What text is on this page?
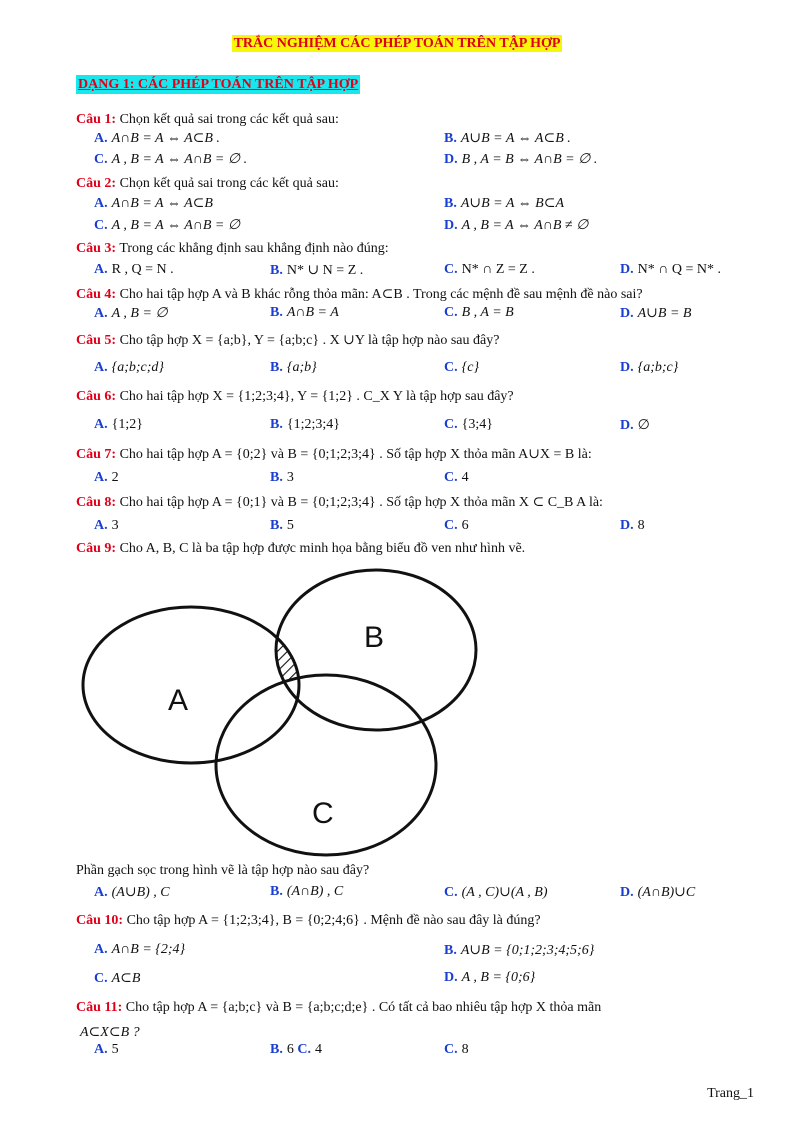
TRẮC NGHIỆM CÁC PHÉP TOÁN TRÊN TẬP HỢP
DẠNG 1: CÁC PHÉP TOÁN TRÊN TẬP HỢP
Câu 1: Chọn kết quả sai trong các kết quả sau:
A. A∩B = A ⇔ A⊂B .	B. A∪B = A ⇔ A⊂B .
C. A , B = A ⇔ A∩B = ∅ .	D. B , A = B ⇔ A∩B = ∅ .
Câu 2: Chọn kết quả sai trong các kết quả sau:
A. A∩B = A ⇔ A⊂B	B. A∪B = A ⇔ B⊂A
C. A , B = A ⇔ A∩B = ∅	D. A , B = A ⇔ A∩B ≠ ∅
Câu 3: Trong các khẳng định sau khẳng định nào đúng:
A. R , Q = N .	B. N* ∪ N = Z .	C. N* ∩ Z = Z .	D. N* ∩ Q = N* .
Câu 4: Cho hai tập hợp A và B khác rỗng thỏa mãn: A⊂B . Trong các mệnh đề sau mệnh đề nào sai?
A. A , B = ∅	B. A∩B = A	C. B , A = B	D. A∪B = B
Câu 5: Cho tập hợp X = {a;b}, Y = {a;b;c} . X ∪Y là tập hợp nào sau đây?
A. {a;b;c;d}	B. {a;b}	C. {c}	D. {a;b;c}
Câu 6: Cho hai tập hợp X = {1;2;3;4}, Y = {1;2} . C_X Y là tập hợp sau đây?
A. {1;2}	B. {1;2;3;4}	C. {3;4}	D. ∅
Câu 7: Cho hai tập hợp A = {0;2} và B = {0;1;2;3;4} . Số tập hợp X thỏa mãn A∪X = B là:
A. 2	B. 3	C. 4
Câu 8: Cho hai tập hợp A = {0;1} và B = {0;1;2;3;4} . Số tập hợp X thỏa mãn X ⊂ C_B A là:
A. 3	B. 5	C. 6	D. 8
Câu 9: Cho A, B, C là ba tập hợp được minh họa bằng biểu đồ ven như hình vẽ.
A
B
C
Phần gạch sọc trong hình vẽ là tập hợp nào sau đây?
A. (A∪B) , C	B. (A∩B) , C	C. (A , C)∪(A , B)	D. (A∩B)∪C
Câu 10: Cho tập hợp A = {1;2;3;4}, B = {0;2;4;6} . Mệnh đề nào sau đây là đúng?
A. A∩B = {2;4}	B. A∪B = {0;1;2;3;4;5;6}
C. A⊂B	D. A , B = {0;6}
Câu 11: Cho tập hợp A = {a;b;c} và B = {a;b;c;d;e} . Có tất cả bao nhiêu tập hợp X thỏa mãn
A⊂X⊂B ?
A. 5	B. 6 C. 4	C. 8
Trang_1
